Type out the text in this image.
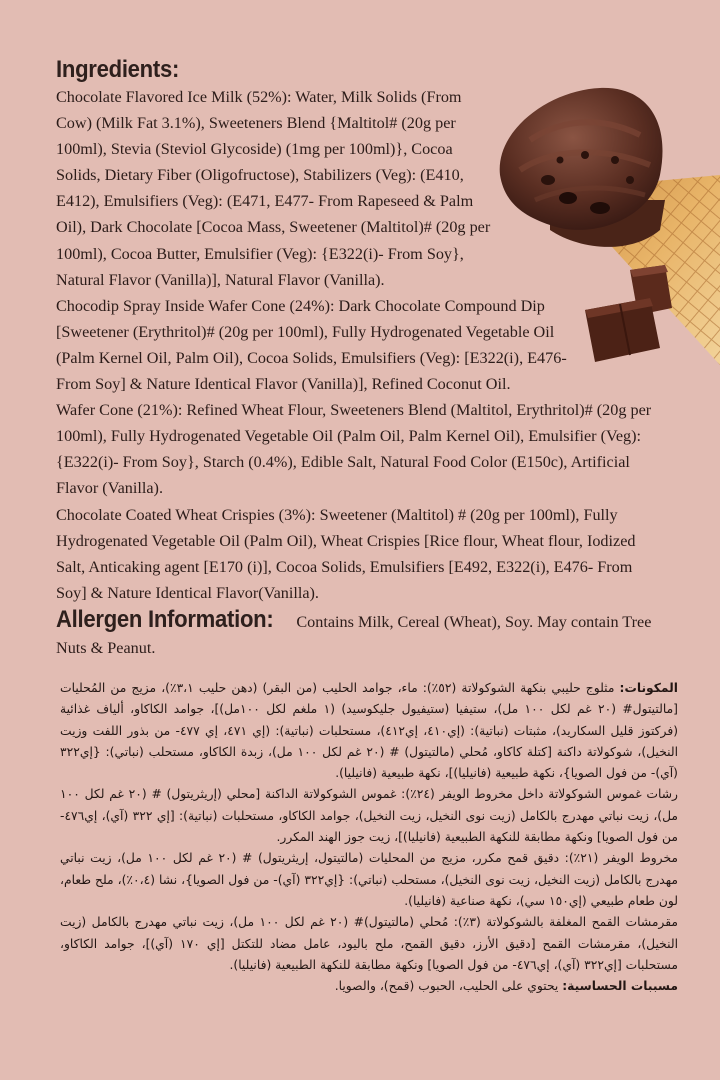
Ingredients:

Chocolate Flavored Ice Milk (52%): Water, Milk Solids (From Cow) (Milk Fat 3.1%), Sweeteners Blend {Maltitol# (20g per 100ml), Stevia (Steviol Glycoside) (1mg per 100ml)}, Cocoa Solids, Dietary Fiber (Oligofructose), Stabilizers (Veg): (E410, E412), Emulsifiers (Veg): (E471, E477- From Rapeseed & Palm Oil), Dark Chocolate [Cocoa Mass, Sweetener (Maltitol)# (20g per 100ml), Cocoa Butter, Emulsifier (Veg): {E322(i)- From Soy}, Natural Flavor (Vanilla)], Natural Flavor (Vanilla).

Chocodip Spray Inside Wafer Cone (24%): Dark Chocolate Compound Dip [Sweetener (Erythritol)# (20g per 100ml), Fully Hydrogenated Vegetable Oil (Palm Kernel Oil, Palm Oil), Cocoa Solids, Emulsifiers (Veg): [E322(i), E476- From Soy] & Nature Identical Flavor (Vanilla)], Refined Coconut Oil.

Wafer Cone (21%): Refined Wheat Flour, Sweeteners Blend (Maltitol, Erythritol)# (20g per 100ml), Fully Hydrogenated Vegetable Oil (Palm Oil, Palm Kernel Oil), Emulsifier (Veg): {E322(i)- From Soy}, Starch (0.4%), Edible Salt, Natural Food Color (E150c), Artificial Flavor (Vanilla).

Chocolate Coated Wheat Crispies (3%): Sweetener (Maltitol) # (20g per 100ml), Fully Hydrogenated Vegetable Oil (Palm Oil), Wheat Crispies [Rice flour, Wheat flour, Iodized Salt, Anticaking agent [E170 (i)], Cocoa Solids, Emulsifiers [E492, E322(i), E476- From Soy] & Nature Identical Flavor(Vanilla).

Allergen Information: Contains Milk, Cereal (Wheat), Soy. May contain Tree Nuts & Peanut.

المكونات: مثلوج حليبي بنكهة الشوكولاتة (٥٢٪): ماء، جوامد الحليب (من البقر) (دهن حليب ٣،١٪)، مزيج من المُحليات [مالتيتول# (٢٠ غم لكل ١٠٠ مل)، ستيفيا (ستيفيول جليكوسيد) (١ ملغم لكل ١٠٠مل)]، جوامد الكاكاو، ألياف غذائية (فركتوز قليل السكاريد)، مثبتات (نباتية): (إي٤١٠، إي٤١٢)، مستحلبات (نباتية): (إي ٤٧١، إي ٤٧٧- من بذور اللفت وزيت النخيل)، شوكولاتة داكنة [كتلة كاكاو، مُحلي (مالتيتول) # (٢٠ غم لكل ١٠٠ مل)، زبدة الكاكاو، مستحلب (نباتي): {إي٣٢٢ (آي)- من فول الصويا}، نكهة طبيعية (فانيليا)]، نكهة طبيعية (فانيليا).

رشات غموس الشوكولاتة داخل مخروط الويفر (٢٤٪): غموس الشوكولاتة الداكنة [محلي (إريثريتول) # (٢٠ غم لكل ١٠٠ مل)، زيت نباتي مهدرج بالكامل (زيت نوى النخيل، زيت النخيل)، جوامد الكاكاو، مستحلبات (نباتية): [إي ٣٢٢ (آي)، إي٤٧٦- من فول الصويا] ونكهة مطابقة للنكهة الطبيعية (فانيليا)]، زيت جوز الهند المكرر.

مخروط الويفر (٢١٪): دقيق قمح مكرر، مزيج من المحليات (مالتيتول، إريثريتول) # (٢٠ غم لكل ١٠٠ مل)، زيت نباتي مهدرج بالكامل (زيت النخيل، زيت نوى النخيل)، مستحلب (نباتي): {إي٣٢٢ (آي)- من فول الصويا}، نشا (٠،٤٪)، ملح طعام، لون طعام طبيعي (إي١٥٠ سي)، نكهة صناعية (فانيليا).

مقرمشات القمح المغلفة بالشوكولاتة (٣٪): مُحلي (مالتيتول)# (٢٠ غم لكل ١٠٠ مل)، زيت نباتي مهدرج بالكامل (زيت النخيل)، مقرمشات القمح [دقيق الأرز، دقيق القمح، ملح باليود، عامل مضاد للتكتل [إي ١٧٠ (آي)]، جوامد الكاكاو، مستحلبات [إي٣٢٢ (آي)، إي٤٧٦- من فول الصويا] ونكهة مطابقة للنكهة الطبيعية (فانيليا).

مسببات الحساسية: يحتوي على الحليب، الحبوب (قمح)، والصويا.
